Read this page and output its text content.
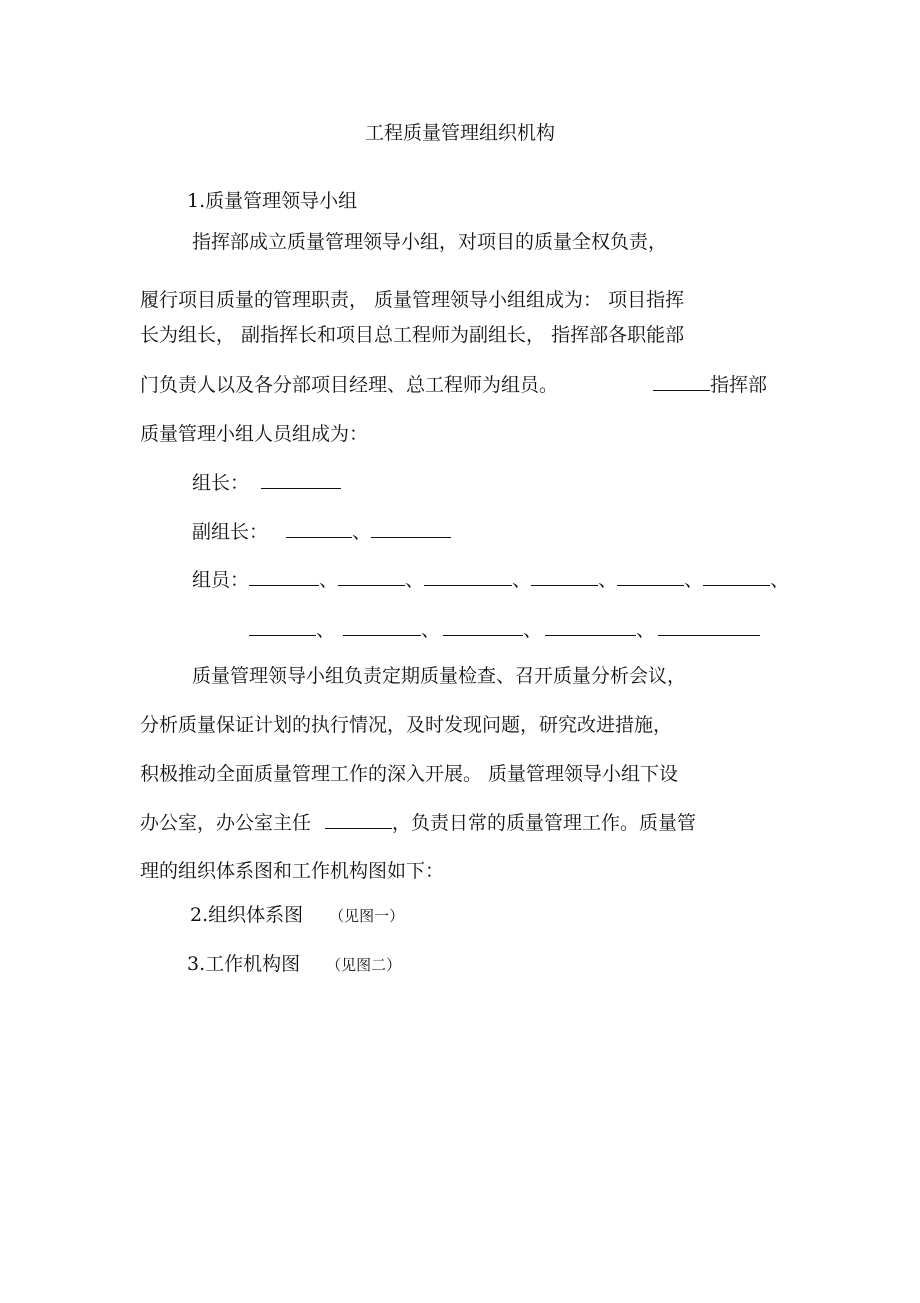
工程质量管理组织机构
1.质量管理领导小组
指挥部成立质量管理领导小组，对项目的质量全权负责，
履行项目质量的管理职责， 质量管理领导小组组成为： 项目指挥
长为组长， 副指挥长和项目总工程师为副组长， 指挥部各职能部
门负责人以及各分部项目经理、总工程师为组员。	指挥部
质量管理小组人员组成为：
组长：
副组长：	、
组员：	、	、	、	、	、	、
、	、	、	、
质量管理领导小组负责定期质量检查、召开质量分析会议，
分析质量保证计划的执行情况，及时发现问题，研究改进措施，
积极推动全面质量管理工作的深入开展。 质量管理领导小组下设
办公室，办公室主任	，负责日常的质量管理工作。质量管
理的组织体系图和工作机构图如下：
2.组织体系图 （见图一）
3.工作机构图 （见图二）
